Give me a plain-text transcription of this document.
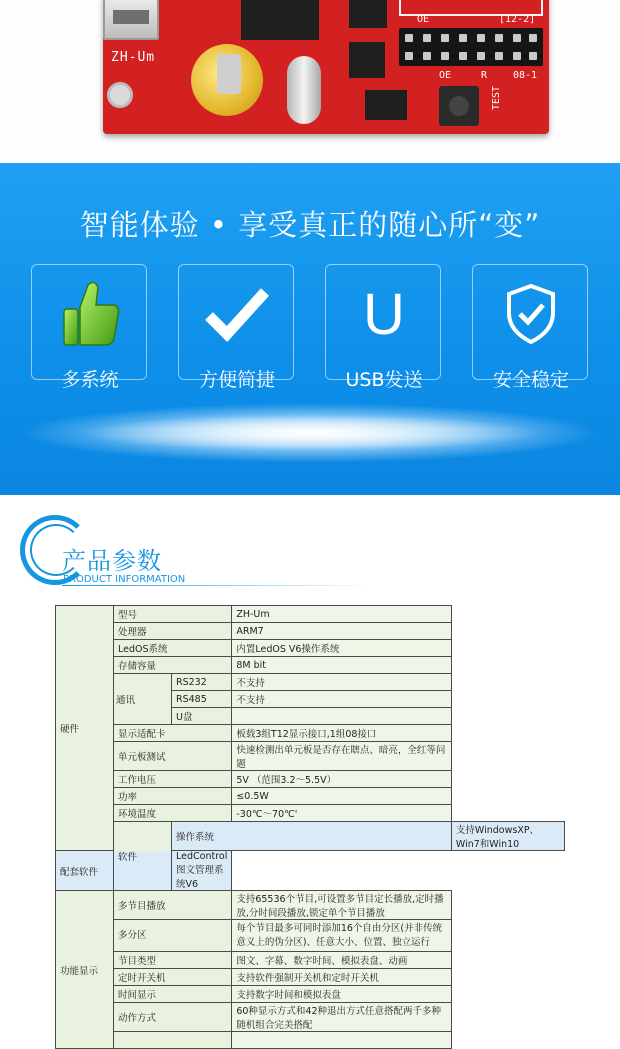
ZH-Um
OE	[12-2]
OE	R	08-1
TEST
智能体验 • 享受真正的随心所“变”
多系统	方便简捷
U
USB发送	安全稳定
产品参数
PRODUCT INFORMATION
硬件	型号		ZH-Um	
	处理器		ARM7	
	LedOS系统		内置LedOS V6操作系统	
	存储容量		8M bit	
	通讯	RS232	不支持	
		RS485	不支持	
		U盘		
	显示适配卡		板载3组T12显示接口,1组08接口	
	单元板测试		快速检测出单元板是否存在瞎点、暗亮，全红等问题	
	工作电压		5V （范围3.2～5.5V）	
	功率		≤0.5W	
	环境温度		-30℃～70℃'	
	软件	操作系统		支持WindowsXP、Win7和Win10
配套软件		LedControl图文管理系统V6		
功能显示	多节目播放		支持65536个节目,可设置多节目定长播放,定时播放,分时间段播放,锁定单个节目播放	
	多分区		每个节目最多可同时添加16个自由分区(并非传统意义上的伪分区)、任意大小、位置、独立运行	
	节目类型		图文、字幕、数字时间、模拟表盘、动画	
	定时开关机		支持软件强制开关机和定时开关机	
	时间显示		支持数字时间和模拟表盘	
	动作方式		60种显示方式和42种退出方式任意搭配两千多种随机组合完美搭配	
